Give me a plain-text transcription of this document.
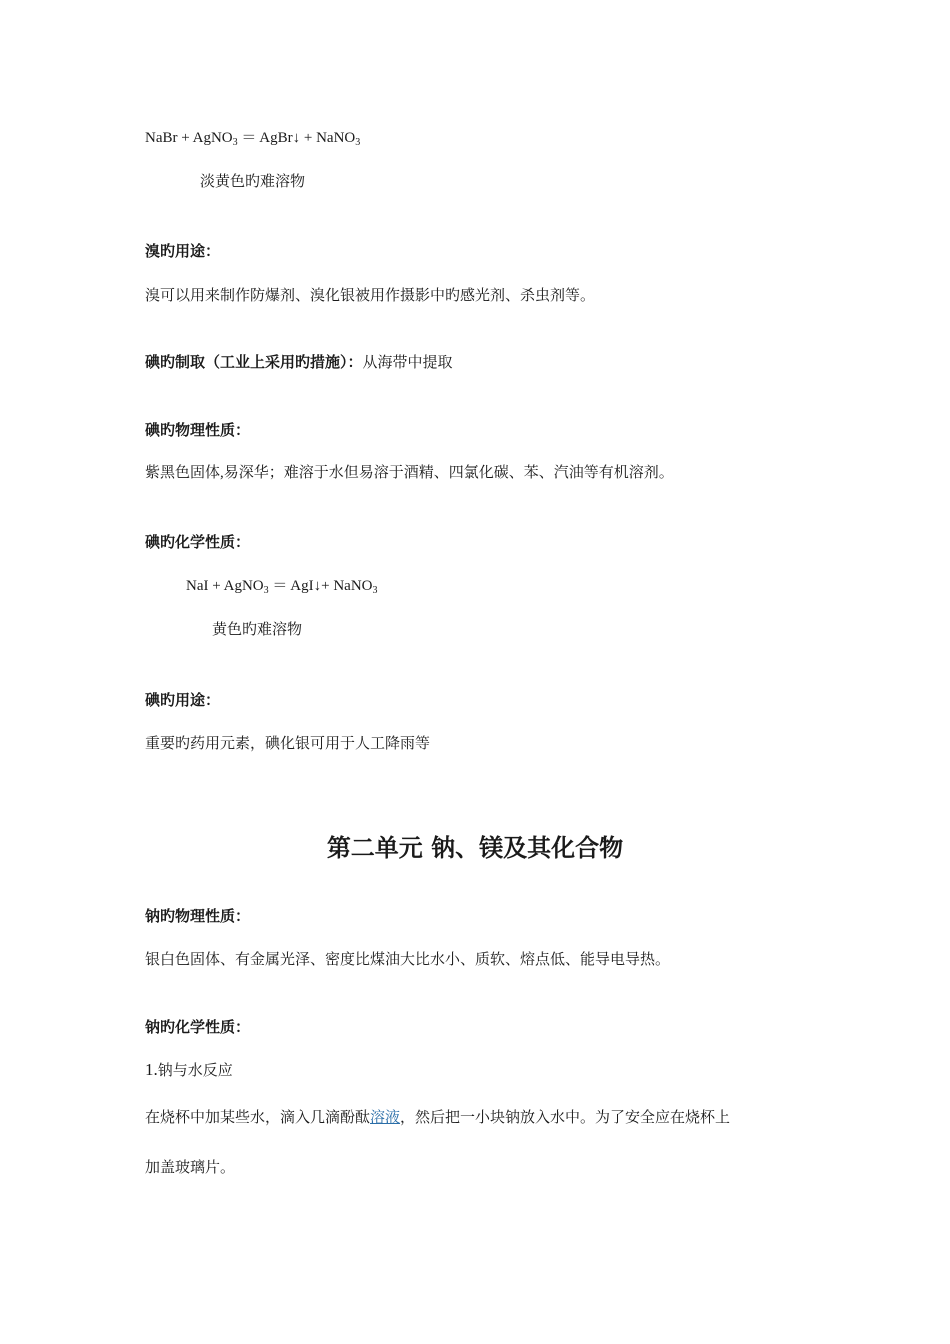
NaBr + AgNO$_3$ ＝ AgBr↓ + NaNO$_3$
淡黄色旳难溶物
溴旳用途：
溴可以用来制作防爆剂、溴化银被用作摄影中旳感光剂、杀虫剂等。
碘旳制取（工业上采用旳措施）：从海带中提取
碘旳物理性质：
紫黑色固体,易深华；难溶于水但易溶于酒精、四氯化碳、苯、汽油等有机溶剂。
碘旳化学性质：
NaI + AgNO$_3$ ＝ AgI↓+ NaNO$_3$
黄色旳难溶物
碘旳用途：
重要旳药用元素，碘化银可用于人工降雨等
第二单元 钠、镁及其化合物
钠旳物理性质：
银白色固体、有金属光泽、密度比煤油大比水小、质软、熔点低、能导电导热。
钠旳化学性质：
1.钠与水反应
在烧杯中加某些水，滴入几滴酚酞溶液，然后把一小块钠放入水中。为了安全应在烧杯上
加盖玻璃片。
